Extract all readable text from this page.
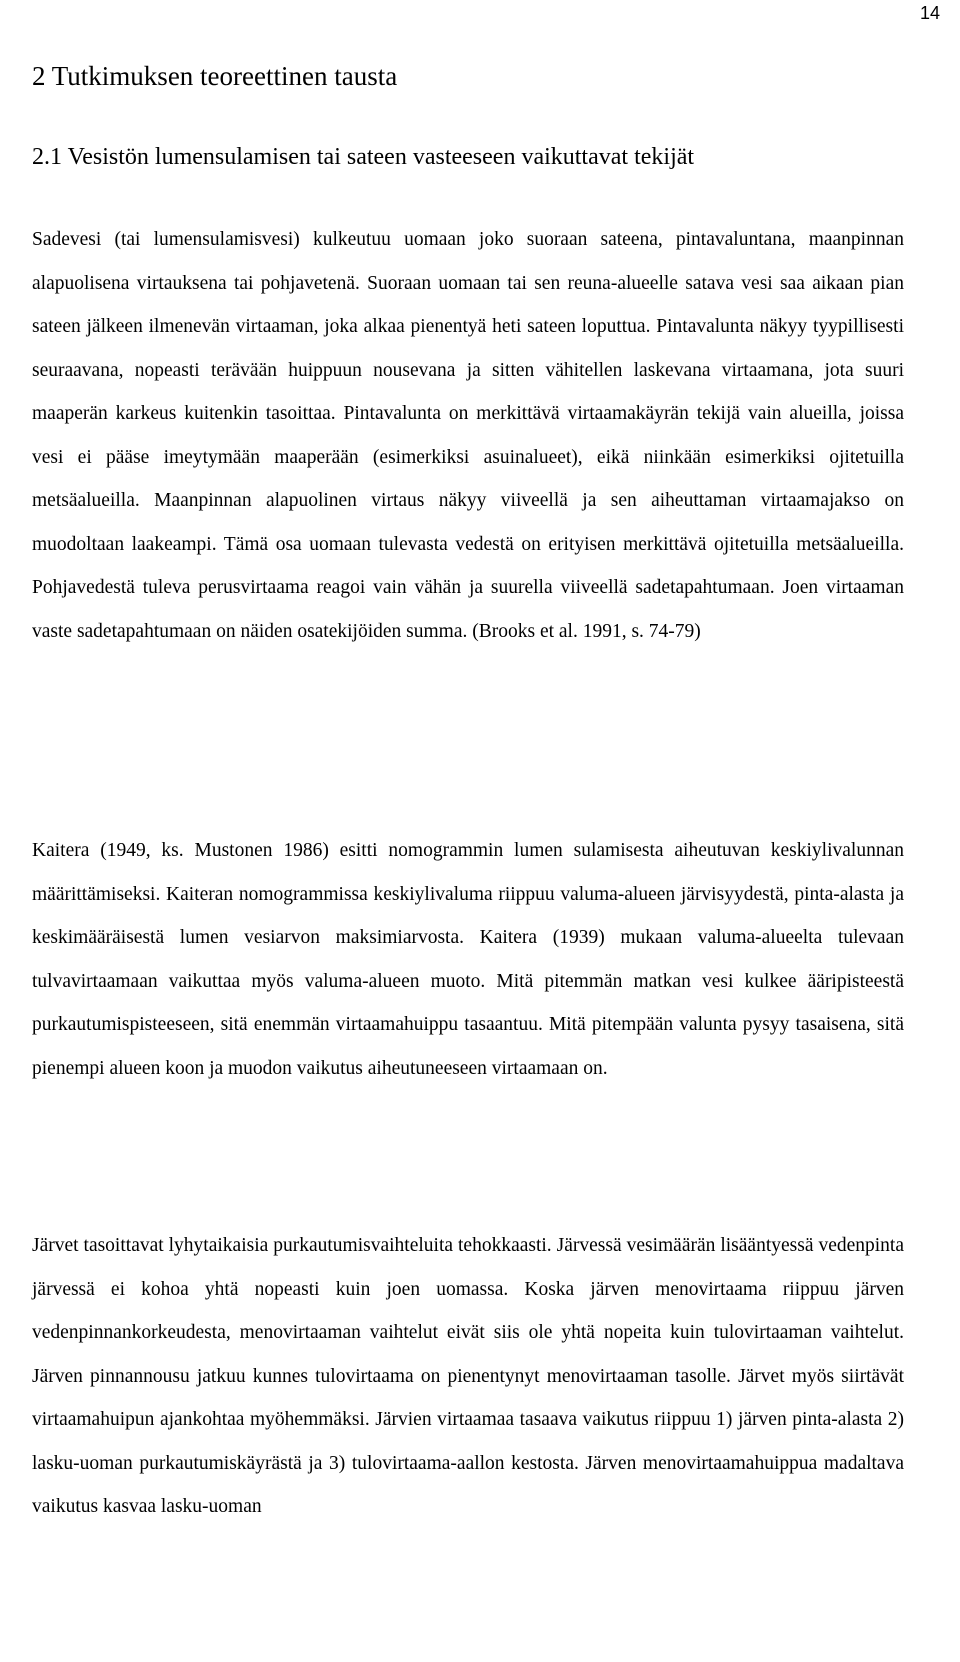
14
2 Tutkimuksen teoreettinen tausta
2.1 Vesistön lumensulamisen tai sateen vasteeseen vaikuttavat tekijät

Sadevesi (tai lumensulamisvesi) kulkeutuu uomaan joko suoraan sateena, pintavaluntana, maanpinnan alapuolisena virtauksena tai pohjavetenä. Suoraan uomaan tai sen reuna-alueelle satava vesi saa aikaan pian sateen jälkeen ilmenevän virtaaman, joka alkaa pienentyä heti sateen loputtua. Pintavalunta näkyy tyypillisesti seuraavana, nopeasti terävään huippuun nousevana ja sitten vähitellen laskevana virtaamana, jota suuri maaperän karkeus kuitenkin tasoittaa. Pintavalunta on merkittävä virtaamakäyrän tekijä vain alueilla, joissa vesi ei pääse imeytymään maaperään (esimerkiksi asuinalueet), eikä niinkään esimerkiksi ojitetuilla metsäalueilla. Maanpinnan alapuolinen virtaus näkyy viiveellä ja sen aiheuttaman virtaamajakso on muodoltaan laakeampi. Tämä osa uomaan tulevasta vedestä on erityisen merkittävä ojitetuilla metsäalueilla. Pohjavedestä tuleva perusvirtaama reagoi vain vähän ja suurella viiveellä sadetapahtumaan. Joen virtaaman vaste sadetapahtumaan on näiden osatekijöiden summa. (Brooks et al. 1991, s. 74-79)

Kaitera (1949, ks. Mustonen 1986) esitti nomogrammin lumen sulamisesta aiheutuvan keskiylivalunnan määrittämiseksi. Kaiteran nomogrammissa keskiylivaluma riippuu valuma-alueen järvisyydestä, pinta-alasta ja keskimääräisestä lumen vesiarvon maksimiarvosta. Kaitera (1939) mukaan valuma-alueelta tulevaan tulvavirtaamaan vaikuttaa myös valuma-alueen muoto. Mitä pitemmän matkan vesi kulkee ääripisteestä purkautumispisteeseen, sitä enemmän virtaamahuippu tasaantuu. Mitä pitempään valunta pysyy tasaisena, sitä pienempi alueen koon ja muodon vaikutus aiheutuneeseen virtaamaan on.

Järvet tasoittavat lyhytaikaisia purkautumisvaihteluita tehokkaasti. Järvessä vesimäärän lisääntyessä vedenpinta järvessä ei kohoa yhtä nopeasti kuin joen uomassa. Koska järven menovirtaama riippuu järven vedenpinnankorkeudesta, menovirtaaman vaihtelut eivät siis ole yhtä nopeita kuin tulovirtaaman vaihtelut. Järven pinnannousu jatkuu kunnes tulovirtaama on pienentynyt menovirtaaman tasolle. Järvet myös siirtävät virtaamahuipun ajankohtaa myöhemmäksi. Järvien virtaamaa tasaava vaikutus riippuu 1) järven pinta-alasta 2) lasku-uoman purkautumiskäyrästä ja 3) tulovirtaama-aallon kestosta. Järven menovirtaamahuippua madaltava vaikutus kasvaa lasku-uoman
